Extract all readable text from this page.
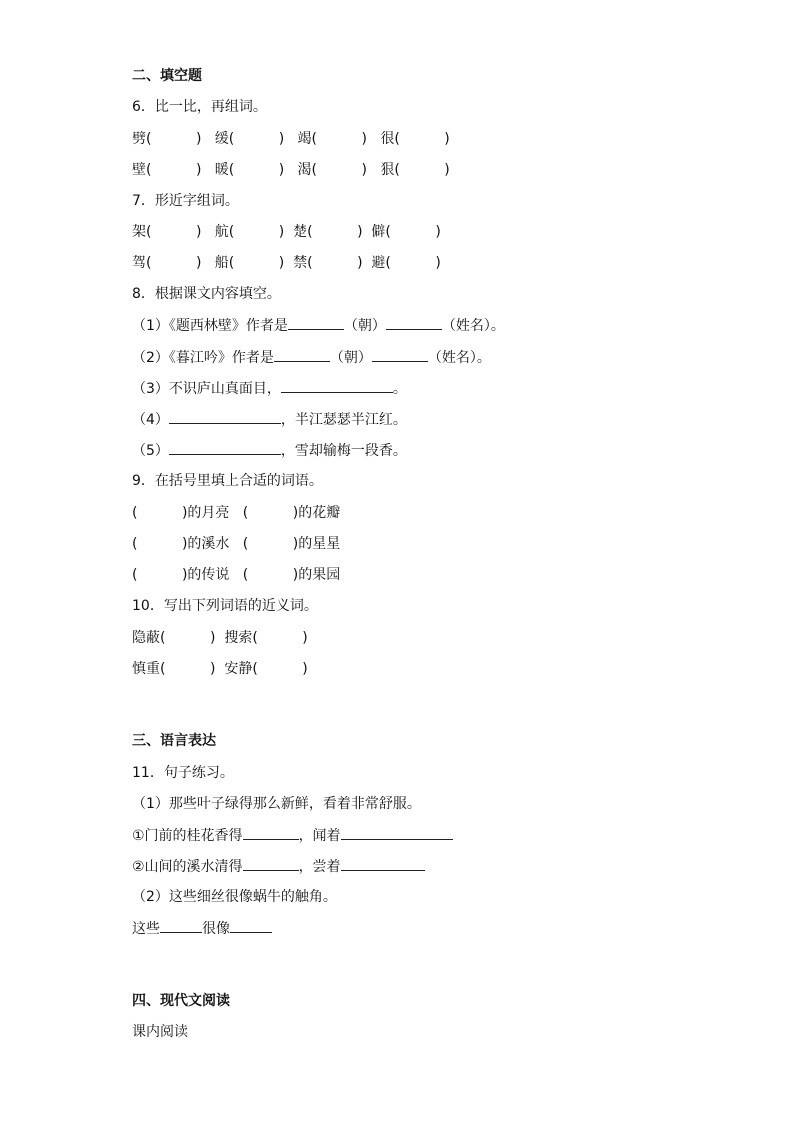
二、填空题
6．比一比，再组词。
劈(          )   缓(          )   竭(          )   很(          )
壁(          )   暖(          )   渴(          )   狠(          )
7．形近字组词。
架(          )   航(          )  楚(          )  僻(          )
驾(          )   船(          )  禁(          )  避(          )
8．根据课文内容填空。
（1）《题西林壁》作者是	（朝）	（姓名）。
（2）《暮江吟》作者是	（朝）	（姓名）。
（3）不识庐山真面目，	。
（4）	，半江瑟瑟半江红。
（5）	，雪却输梅一段香。
9．在括号里填上合适的词语。
(          )的月亮   (          )的花瓣
(          )的溪水   (          )的星星
(          )的传说   (          )的果园
10．写出下列词语的近义词。
隐蔽(          )  搜索(          )
慎重(          )  安静(          )
三、语言表达
11．句子练习。
（1）那些叶子绿得那么新鲜，看着非常舒服。
①门前的桂花香得	，闻着
②山间的溪水清得	，尝着
（2）这些细丝很像蜗牛的触角。
这些	很像
四、现代文阅读
课内阅读
